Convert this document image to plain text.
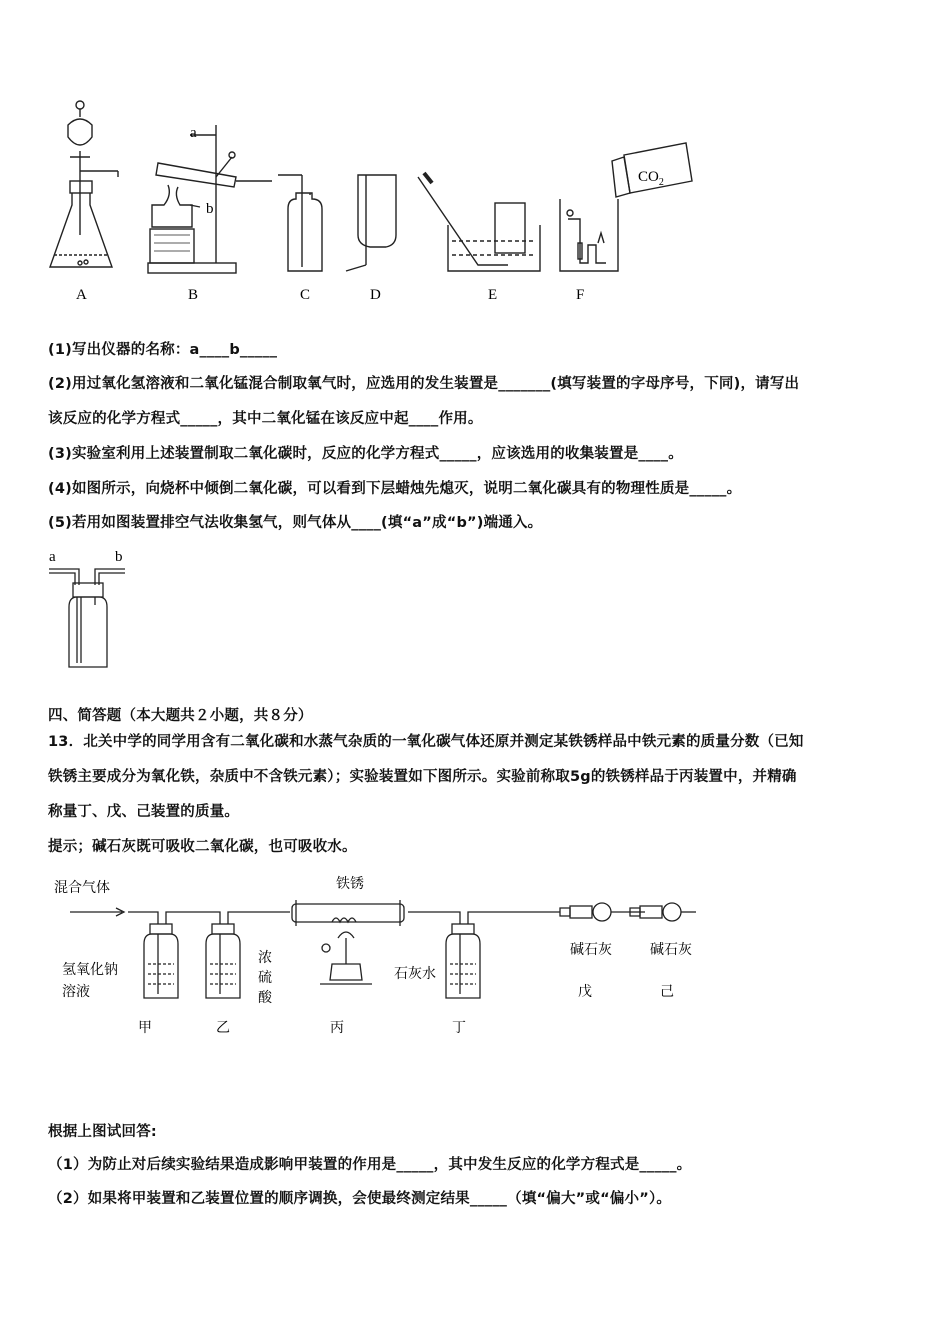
a
b
$CO_2$
A	B	C	D	E	F
(1)写出仪器的名称：a____b_____
(2)用过氧化氢溶液和二氧化锰混合制取氧气时，应选用的发生装置是_______(填写装置的字母序号，下同)，请写出
该反应的化学方程式_____，其中二氧化锰在该反应中起____作用。
(3)实验室利用上述装置制取二氧化碳时，反应的化学方程式_____，应该选用的收集装置是____。
(4)如图所示，向烧杯中倾倒二氧化碳，可以看到下层蜡烛先熄灭，说明二氧化碳具有的物理性质是_____。
(5)若用如图装置排空气法收集氢气，则气体从____(填“a”成“b”)端通入。
a	b
四、简答题（本大题共２小题，共８分）
13．北关中学的同学用含有二氧化碳和水蒸气杂质的一氧化碳气体还原并测定某铁锈样品中铁元素的质量分数（已知
铁锈主要成分为氧化铁，杂质中不含铁元素）；实验装置如下图所示。实验前称取5g的铁锈样品于丙装置中，并精确
称量丁、戊、己装置的质量。
提示；碱石灰既可吸收二氧化碳，也可吸收水。
混合气体	铁锈
氢氧化钠
溶液
浓
硫
酸
石灰水
碱石灰	碱石灰
甲	乙	丙	丁
戊	己
根据上图试回答:
（1）为防止对后续实验结果造成影响甲装置的作用是_____，其中发生反应的化学方程式是_____。
（2）如果将甲装置和乙装置位置的顺序调换，会使最终测定结果_____（填“偏大”或“偏小”）。
